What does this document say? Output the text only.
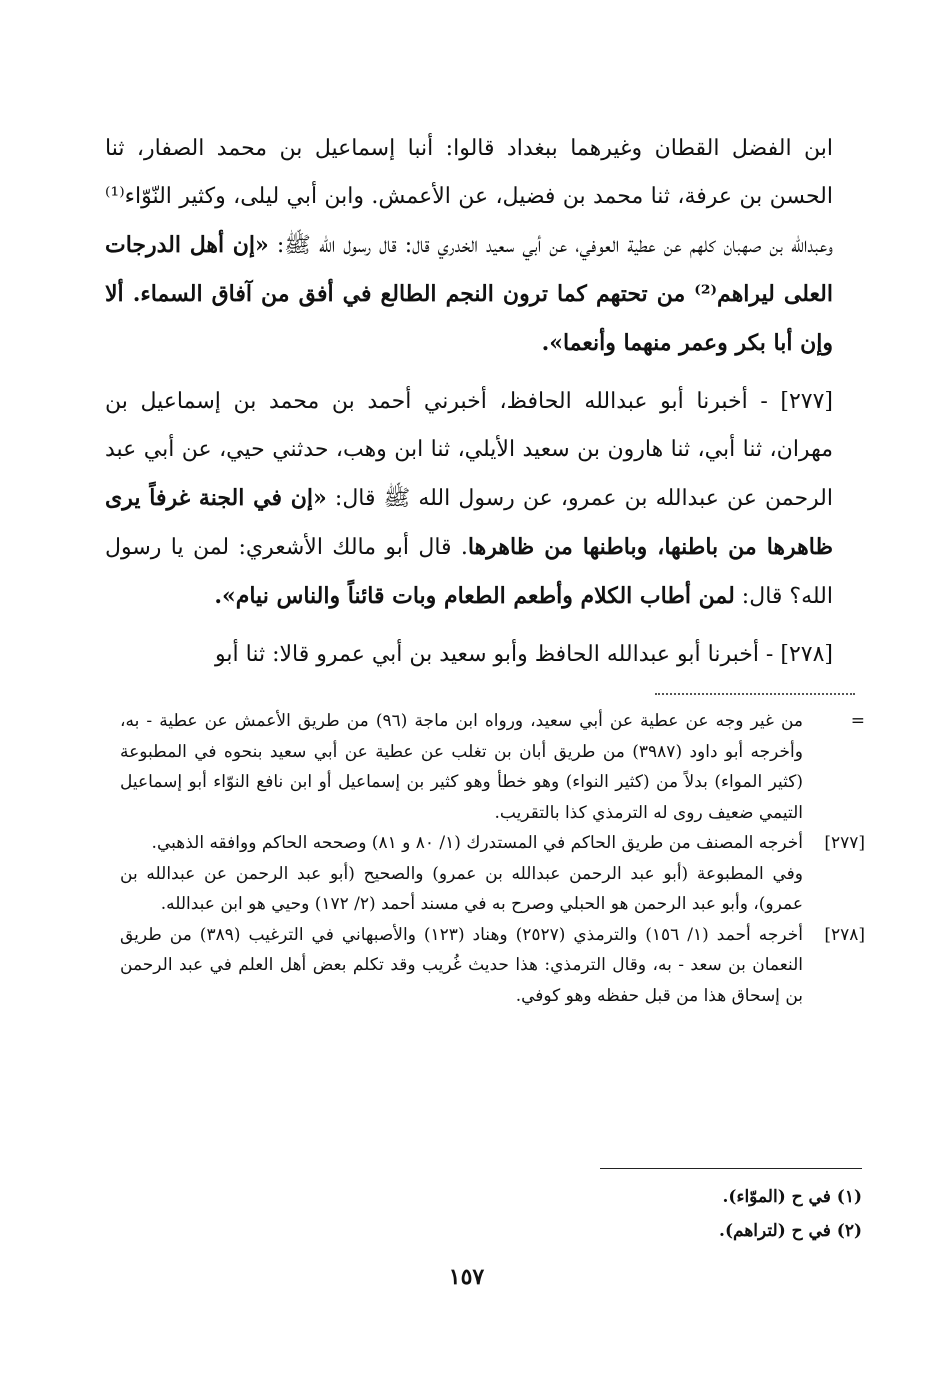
ابن الفضل القطان وغيرهما ببغداد قالوا: أنبا إسماعيل بن محمد الصفار، ثنا الحسن بن عرفة، ثنا محمد بن فضيل، عن الأعمش. وابن أبي ليلى، وكثير النّوّاء⁽¹⁾ وعبدالله بن صهبان كلهم عن عطية العوفي، عن أبي سعيد الخدري قال: قال رسول الله ﷺ: «إن أهل الدرجات العلى ليراهم⁽²⁾ من تحتهم كما ترون النجم الطالع في أفق من آفاق السماء. ألا وإن أبا بكر وعمر منهما وأنعما».

[٢٧٧] - أخبرنا أبو عبدالله الحافظ، أخبرني أحمد بن محمد بن إسماعيل بن مهران، ثنا أبي، ثنا هارون بن سعيد الأيلي، ثنا ابن وهب، حدثني حيي، عن أبي عبد الرحمن عن عبدالله بن عمرو، عن رسول الله ﷺ قال: «إن في الجنة غرفاً يرى ظاهرها من باطنها، وباطنها من ظاهرها. قال أبو مالك الأشعري: لمن يا رسول الله؟ قال: لمن أطاب الكلام وأطعم الطعام وبات قائناً والناس نيام».

[٢٧٨] - أخبرنا أبو عبدالله الحافظ وأبو سعيد بن أبي عمرو قالا: ثنا أبو

=
من غير وجه عن عطية عن أبي سعيد، ورواه ابن ماجة (٩٦) من طريق الأعمش عن عطية - به، وأخرجه أبو داود (٣٩٨٧) من طريق أبان بن تغلب عن عطية عن أبي سعيد بنحوه في المطبوعة (كثير المواء) بدلاً من (كثير النواء) وهو خطأ وهو كثير بن إسماعيل أو ابن نافع النوّاء أبو إسماعيل التيمي ضعيف روى له الترمذي كذا بالتقريب.
[٢٧٧]
أخرجه المصنف من طريق الحاكم في المستدرك (١/ ٨٠ و ٨١) وصححه الحاكم ووافقه الذهبي.
وفي المطبوعة (أبو عبد الرحمن عبدالله بن عمرو) والصحيح (أبو عبد الرحمن عن عبدالله بن عمرو)، وأبو عبد الرحمن هو الحبلي وصرح به في مسند أحمد (٢/ ١٧٢) وحيي هو ابن عبدالله.
[٢٧٨]
أخرجه أحمد (١/ ١٥٦) والترمذي (٢٥٢٧) وهناد (١٢٣) والأصبهاني في الترغيب (٣٨٩) من طريق النعمان بن سعد - به، وقال الترمذي: هذا حديث غُريب وقد تكلم بعض أهل العلم في عبد الرحمن بن إسحاق هذا من قبل حفظه وهو كوفي.
(١) في ح (الموّاء).
(٢) في ح (لتراهم).
١٥٧
